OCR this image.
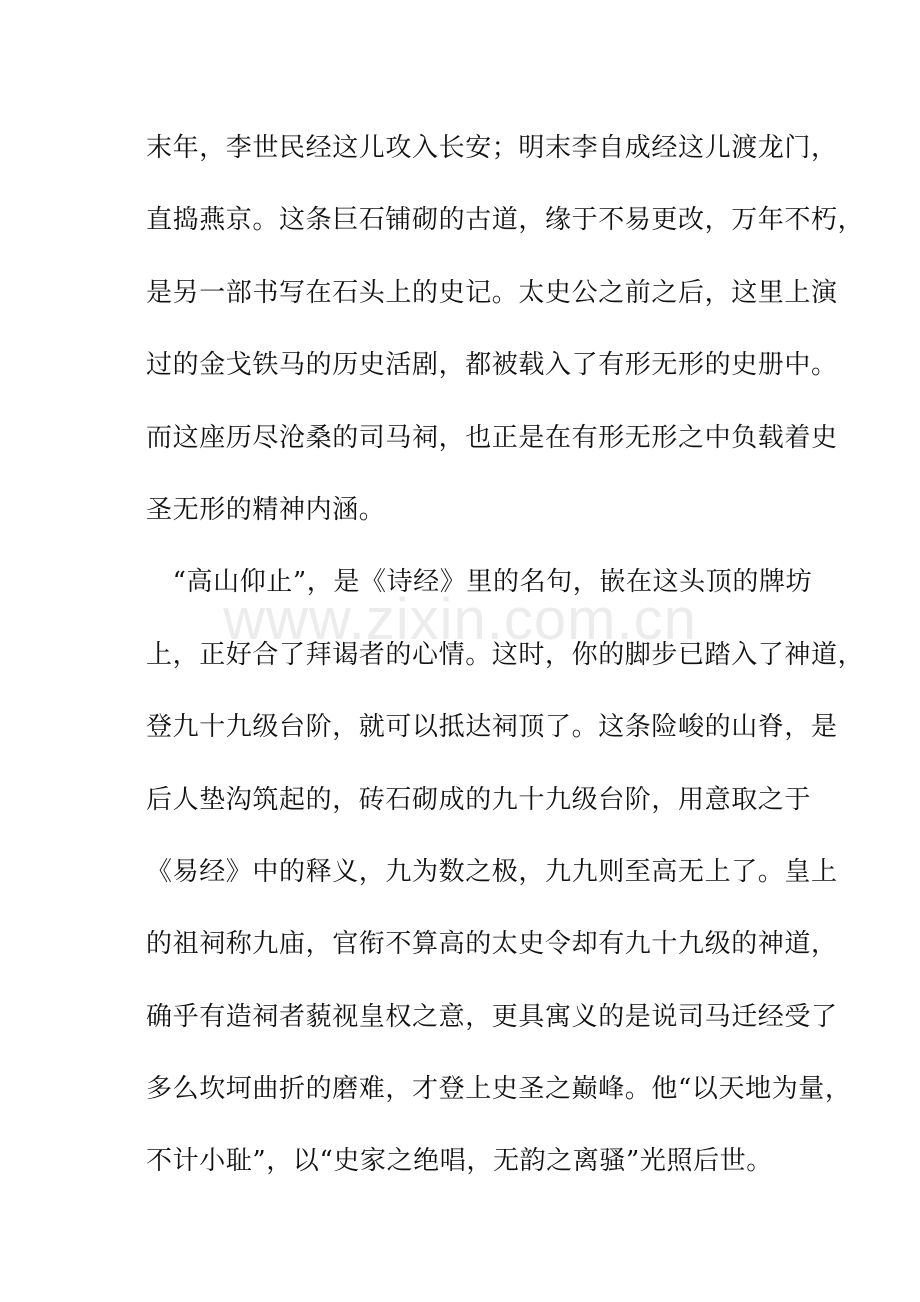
末年，李世民经这儿攻入长安；明末李自成经这儿渡龙门，
直捣燕京。这条巨石铺砌的古道，缘于不易更改，万年不朽，
是另一部书写在石头上的史记。太史公之前之后，这里上演
过的金戈铁马的历史活剧，都被载入了有形无形的史册中。
而这座历尽沧桑的司马祠，也正是在有形无形之中负载着史
圣无形的精神内涵。
　“高山仰止”，是《诗经》里的名句，嵌在这头顶的牌坊
上，正好合了拜谒者的心情。这时，你的脚步已踏入了神道，
登九十九级台阶，就可以抵达祠顶了。这条险峻的山脊，是
后人垫沟筑起的，砖石砌成的九十九级台阶，用意取之于
《易经》中的释义，九为数之极，九九则至高无上了。皇上
的祖祠称九庙，官衔不算高的太史令却有九十九级的神道，
确乎有造祠者藐视皇权之意，更具寓义的是说司马迁经受了
多么坎坷曲折的磨难，才登上史圣之巅峰。他“以天地为量，
不计小耻”，以“史家之绝唱，无韵之离骚”光照后世。
www.zixin.com.cn
